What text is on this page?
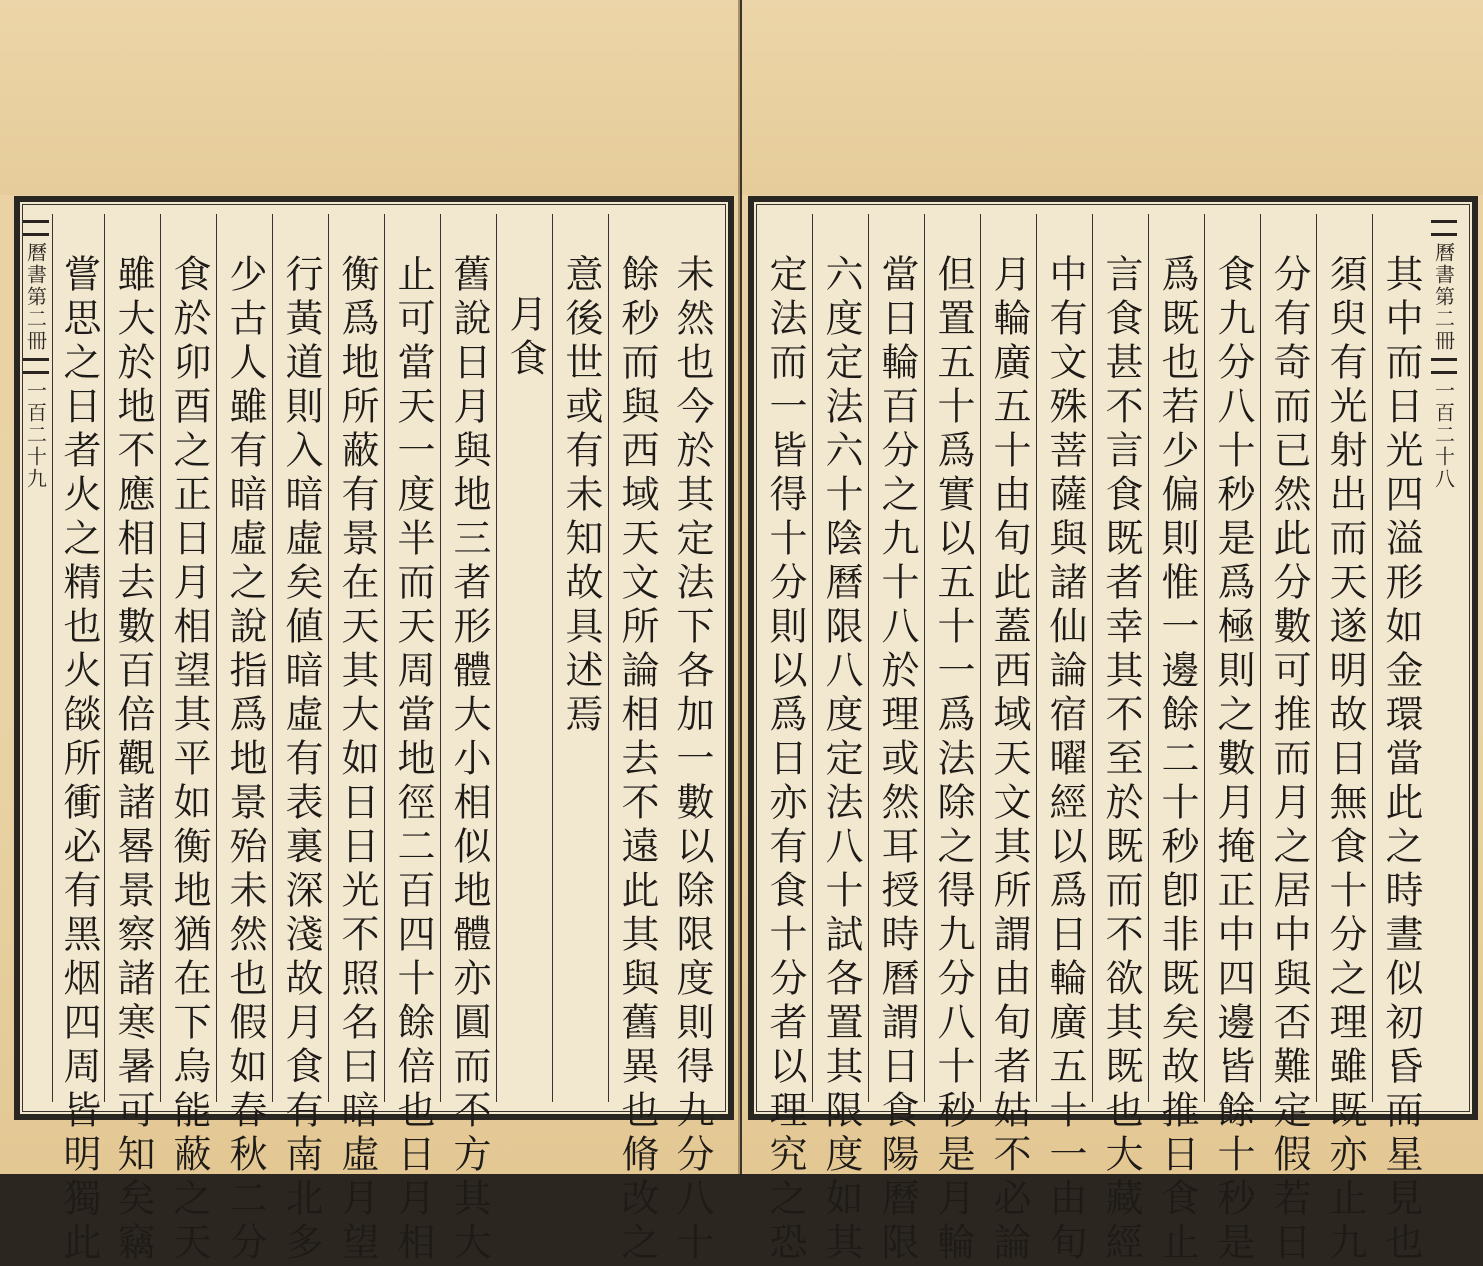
曆書第二冊
一百二十九	未然也今於其定法下各加一數以除限度則得九分八十
餘秒而與西域天文所論相去不遠此其與舊異也脩改之
意後世或有未知故具述焉
月食
舊說日月與地三者形體大小相似地體亦圓而不方其大
止可當天一度半而天周當地徑二百四十餘倍也日月相
衡爲地所蔽有景在天其大如日日光不照名曰暗虛月望
行黃道則入暗虛矣値暗虛有表裏深淺故月食有南北多
少古人雖有暗虛之說指爲地景殆未然也假如春秋二分
食於卯酉之正日月相望其平如衡地猶在下烏能蔽之天
雖大於地不應相去數百倍觀諸晷景察諸寒暑可知矣竊
嘗思之日者火之精也火燄所衝必有黑烟四周皆明獨此	曆書第二冊
一百二十八
其中而日光四溢形如金環當此之時晝似初昏而星見也
須臾有光射出而天遂明故日無食十分之理雖既亦止九
分有奇而已然此分數可推而月之居中與否難定假若日
食九分八十秒是爲極則之數月掩正中四邊皆餘十秒是
爲既也若少偏則惟一邊餘二十秒卽非既矣故推日食止
言食甚不言食既者幸其不至於既而不欲其既也大藏經
中有文殊菩薩與諸仙論宿曜經以爲日輪廣五十一由旬
月輪廣五十由旬此蓋西域天文其所謂由旬者姑不必論
但置五十爲實以五十一爲法除之得九分八十秒是月輪
當日輪百分之九十八於理或然耳授時曆謂日食陽曆限
六度定法六十陰曆限八度定法八十試各置其限度如其
定法而一皆得十分則以爲日亦有食十分者以理究之恐
